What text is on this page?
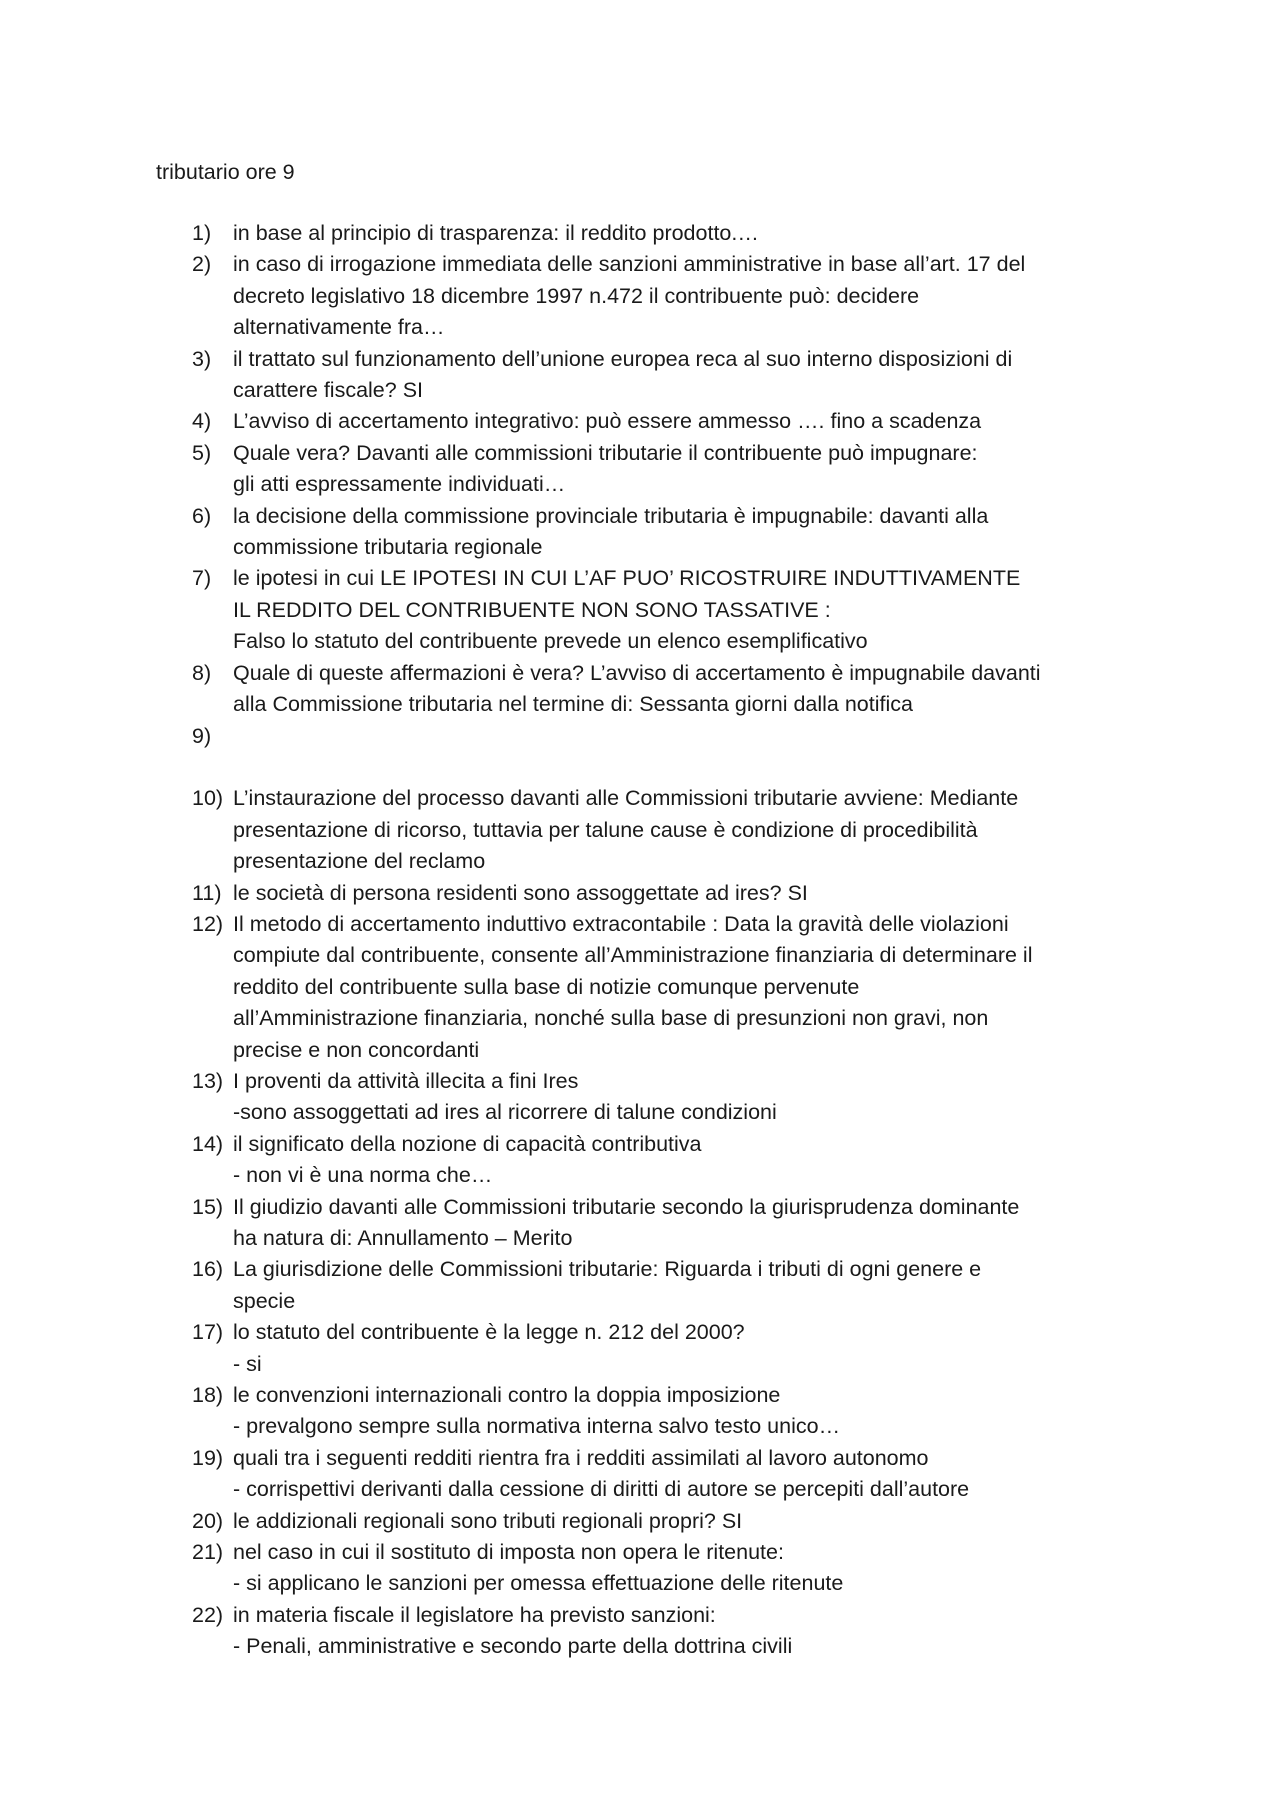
tributario ore 9
1) in base al principio di trasparenza: il reddito prodotto.…
2) in caso di irrogazione immediata delle sanzioni amministrative in base all’art. 17 del
decreto legislativo 18 dicembre 1997 n.472 il contribuente può: decidere
alternativamente fra…
3) il trattato sul funzionamento dell’unione europea reca al suo interno disposizioni di
carattere fiscale? SI
4) L’avviso di accertamento integrativo: può essere ammesso …. fino a scadenza
5) Quale vera? Davanti alle commissioni tributarie il contribuente può impugnare:
gli atti espressamente individuati…
6) la decisione della commissione provinciale tributaria è impugnabile: davanti alla
commissione tributaria regionale
7) le ipotesi in cui LE IPOTESI IN CUI L’AF PUO’ RICOSTRUIRE INDUTTIVAMENTE
IL REDDITO DEL CONTRIBUENTE NON SONO TASSATIVE :
Falso lo statuto del contribuente prevede un elenco esemplificativo
8) Quale di queste affermazioni è vera? L’avviso di accertamento è impugnabile davanti
alla Commissione tributaria nel termine di: Sessanta giorni dalla notifica
9)

10) L’instaurazione del processo davanti alle Commissioni tributarie avviene: Mediante
presentazione di ricorso, tuttavia per talune cause è condizione di procedibilità
presentazione del reclamo
11) le società di persona residenti sono assoggettate ad ires? SI
12) Il metodo di accertamento induttivo extracontabile : Data la gravità delle violazioni
compiute dal contribuente, consente all’Amministrazione finanziaria di determinare il
reddito del contribuente sulla base di notizie comunque pervenute
all’Amministrazione finanziaria, nonché sulla base di presunzioni non gravi, non
precise e non concordanti
13) I proventi da attività illecita a fini Ires
-sono assoggettati ad ires al ricorrere di talune condizioni
14) il significato della nozione di capacità contributiva
- non vi è una norma che…
15) Il giudizio davanti alle Commissioni tributarie secondo la giurisprudenza dominante
ha natura di: Annullamento – Merito
16) La giurisdizione delle Commissioni tributarie: Riguarda i tributi di ogni genere e
specie
17) lo statuto del contribuente è la legge n. 212 del 2000?
- si
18) le convenzioni internazionali contro la doppia imposizione
- prevalgono sempre sulla normativa interna salvo testo unico…
19) quali tra i seguenti redditi rientra fra i redditi assimilati al lavoro autonomo
- corrispettivi derivanti dalla cessione di diritti di autore se percepiti dall’autore
20) le addizionali regionali sono tributi regionali propri? SI
21) nel caso in cui il sostituto di imposta non opera le ritenute:
- si applicano le sanzioni per omessa effettuazione delle ritenute
22) in materia fiscale il legislatore ha previsto sanzioni:
- Penali, amministrative e secondo parte della dottrina civili
